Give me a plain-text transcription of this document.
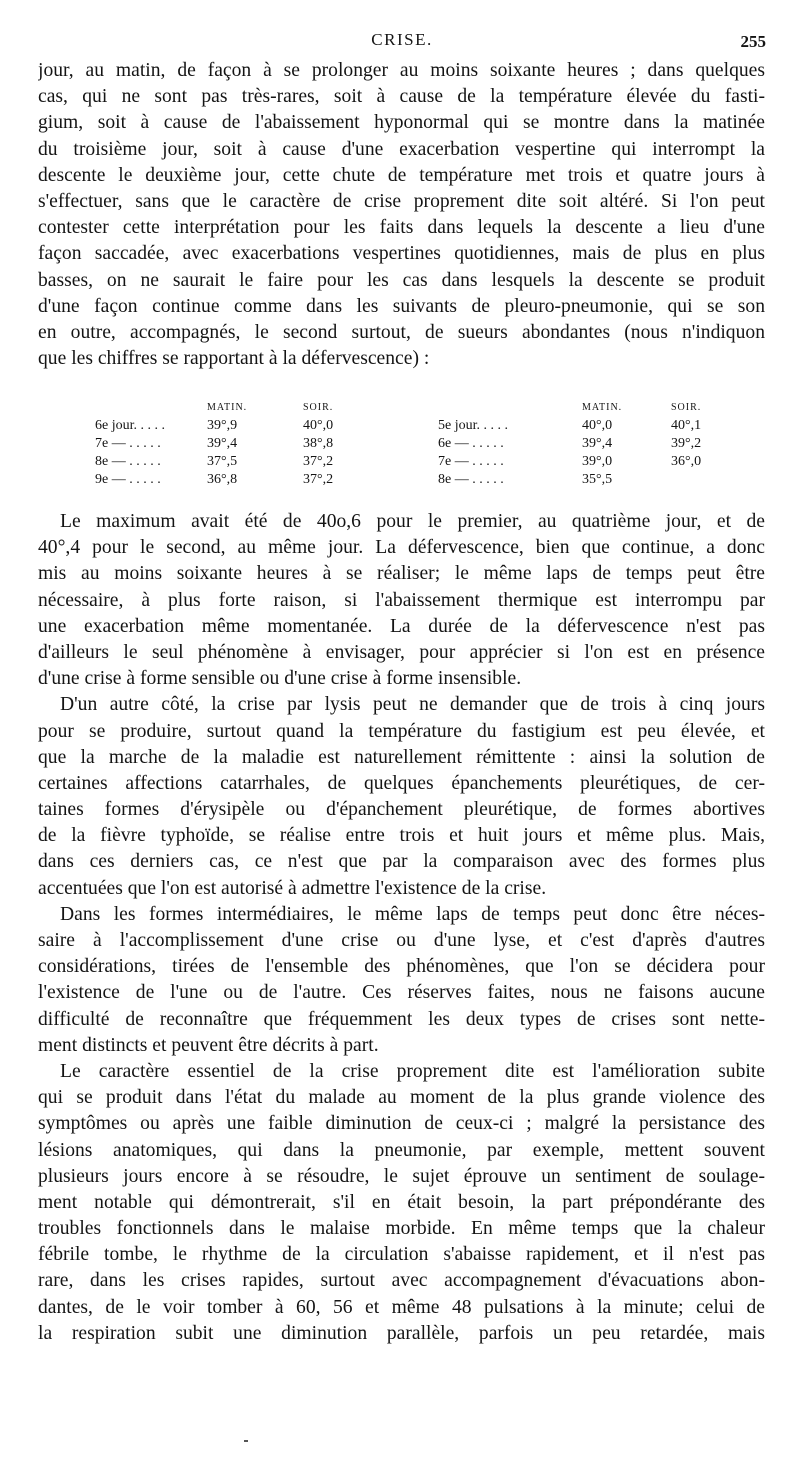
CRISE.	255
jour, au matin, de façon à se prolonger au moins soixante heures ; dans quelques
cas, qui ne sont pas très-rares, soit à cause de la température élevée du fasti-
gium, soit à cause de l'abaissement hyponormal qui se montre dans la matinée
du troisième jour, soit à cause d'une exacerbation vespertine qui interrompt la
descente le deuxième jour, cette chute de température met trois et quatre jours à
s'effectuer, sans que le caractère de crise proprement dite soit altéré. Si l'on peut
contester cette interprétation pour les faits dans lequels la descente a lieu d'une
façon saccadée, avec exacerbations vespertines quotidiennes, mais de plus en plus
basses, on ne saurait le faire pour les cas dans lesquels la descente se produit
d'une façon continue comme dans les suivants de pleuro-pneumonie, qui se son
en outre, accompagnés, le second surtout, de sueurs abondantes (nous n'indiquon
que les chiffres se rapportant à la défervescence) :
MATIN.	SOIR.	MATIN.	SOIR.
6e jour. . . . .	39°,9	40°,0	5e jour. . . . .	40°,0	40°,1
7e — . . . . .	39°,4	38°,8	6e — . . . . .	39°,4	39°,2
8e — . . . . .	37°,5	37°,2	7e — . . . . .	39°,0	36°,0
9e — . . . . .	36°,8	37°,2	8e — . . . . .	35°,5
Le maximum avait été de 40o,6 pour le premier, au quatrième jour, et de
40°,4 pour le second, au même jour. La défervescence, bien que continue, a donc
mis au moins soixante heures à se réaliser; le même laps de temps peut être
nécessaire, à plus forte raison, si l'abaissement thermique est interrompu par
une exacerbation même momentanée. La durée de la défervescence n'est pas
d'ailleurs le seul phénomène à envisager, pour apprécier si l'on est en présence
d'une crise à forme sensible ou d'une crise à forme insensible.
D'un autre côté, la crise par lysis peut ne demander que de trois à cinq jours
pour se produire, surtout quand la température du fastigium est peu élevée, et
que la marche de la maladie est naturellement rémittente : ainsi la solution de
certaines affections catarrhales, de quelques épanchements pleurétiques, de cer-
taines formes d'érysipèle ou d'épanchement pleurétique, de formes abortives
de la fièvre typhoïde, se réalise entre trois et huit jours et même plus. Mais,
dans ces derniers cas, ce n'est que par la comparaison avec des formes plus
accentuées que l'on est autorisé à admettre l'existence de la crise.
Dans les formes intermédiaires, le même laps de temps peut donc être néces-
saire à l'accomplissement d'une crise ou d'une lyse, et c'est d'après d'autres
considérations, tirées de l'ensemble des phénomènes, que l'on se décidera pour
l'existence de l'une ou de l'autre. Ces réserves faites, nous ne faisons aucune
difficulté de reconnaître que fréquemment les deux types de crises sont nette-
ment distincts et peuvent être décrits à part.
Le caractère essentiel de la crise proprement dite est l'amélioration subite
qui se produit dans l'état du malade au moment de la plus grande violence des
symptômes ou après une faible diminution de ceux-ci ; malgré la persistance des
lésions anatomiques, qui dans la pneumonie, par exemple, mettent souvent
plusieurs jours encore à se résoudre, le sujet éprouve un sentiment de soulage-
ment notable qui démontrerait, s'il en était besoin, la part prépondérante des
troubles fonctionnels dans le malaise morbide. En même temps que la chaleur
fébrile tombe, le rhythme de la circulation s'abaisse rapidement, et il n'est pas
rare, dans les crises rapides, surtout avec accompagnement d'évacuations abon-
dantes, de le voir tomber à 60, 56 et même 48 pulsations à la minute; celui de
la respiration subit une diminution parallèle, parfois un peu retardée, mais
